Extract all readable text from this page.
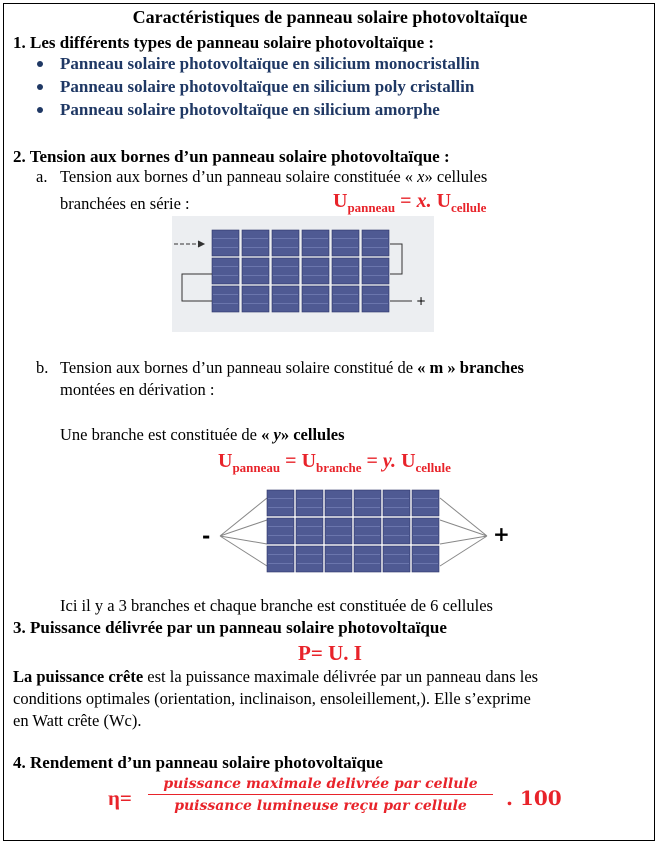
Caractéristiques de panneau solaire photovoltaïque
1. Les différents types de panneau solaire photovoltaïque :
Panneau solaire photovoltaïque en silicium monocristallin
Panneau solaire photovoltaïque en silicium poly cristallin
Panneau solaire photovoltaïque en silicium amorphe
2. Tension aux bornes d’un panneau solaire photovoltaïque :
a. Tension aux bornes d’un panneau solaire constituée « x» cellules
branchées en série :	$U_{panneau} = x$. $U_{cellule}$
+
b. Tension aux bornes d’un panneau solaire constitué de « m » branches
montées en dérivation :
Une branche est constituée de « y» cellules
$U_{panneau} = U_{branche} = y$. $U_{cellule}$
-	+
Ici il y a 3 branches et chaque branche est constituée de 6 cellules
3. Puissance délivrée par un panneau solaire photovoltaïque
P= U. I
La puissance crête est la puissance maximale délivrée par un panneau dans les
conditions optimales (orientation, inclinaison, ensoleillement,). Elle s’exprime
en Watt crête (Wc).
4. Rendement d’un panneau solaire photovoltaïque
η=
puissance maximale delivrée par cellule
puissance lumineuse reçu par cellule	. 100
